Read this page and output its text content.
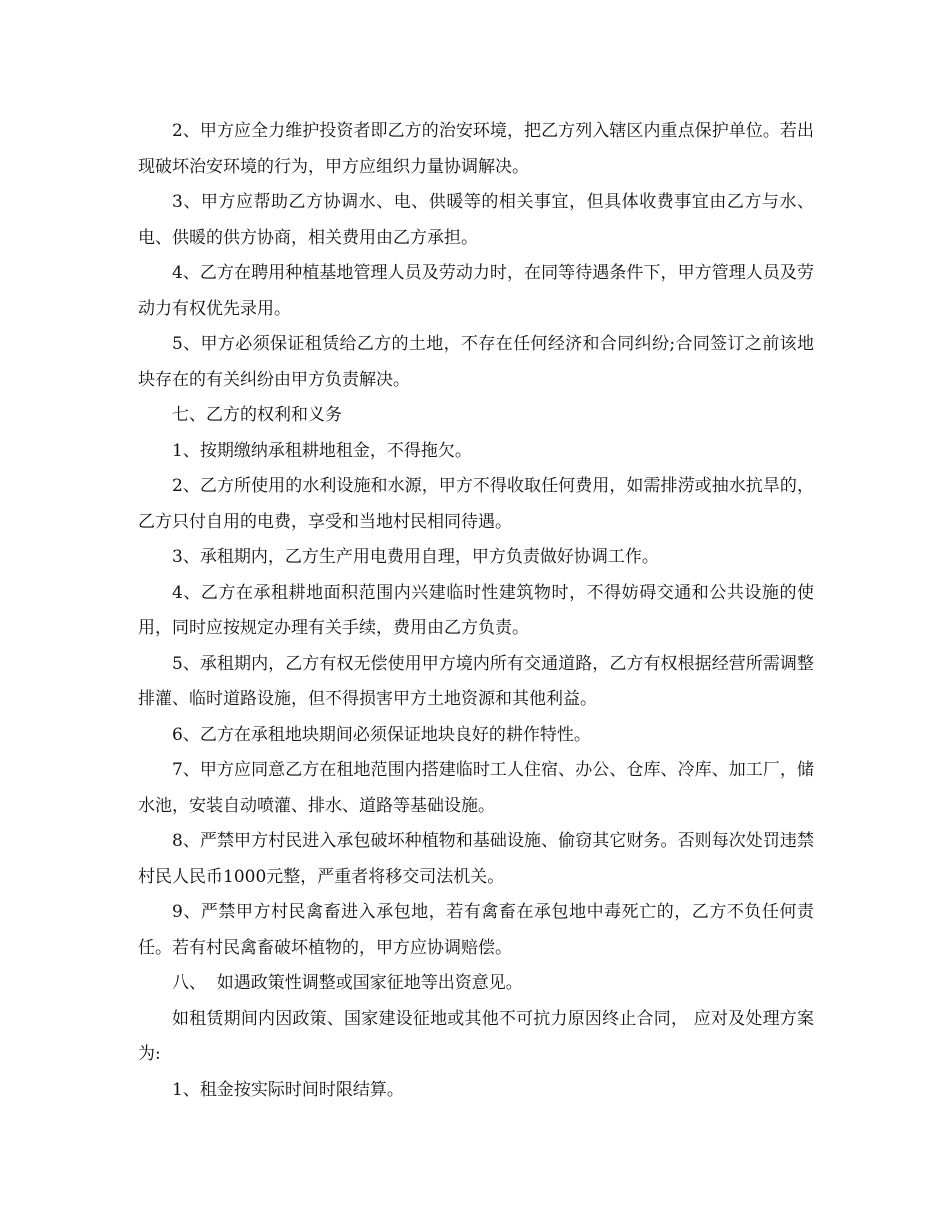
2、甲方应全力维护投资者即乙方的治安环境，把乙方列入辖区内重点保护单位。若出现破坏治安环境的行为，甲方应组织力量协调解决。

3、甲方应帮助乙方协调水、电、供暖等的相关事宜，但具体收费事宜由乙方与水、电、供暖的供方协商，相关费用由乙方承担。

4、乙方在聘用种植基地管理人员及劳动力时，在同等待遇条件下，甲方管理人员及劳动力有权优先录用。

5、甲方必须保证租赁给乙方的土地，不存在任何经济和合同纠纷;合同签订之前该地块存在的有关纠纷由甲方负责解决。

七、乙方的权利和义务

1、按期缴纳承租耕地租金，不得拖欠。

2、乙方所使用的水利设施和水源，甲方不得收取任何费用，如需排涝或抽水抗旱的，乙方只付自用的电费，享受和当地村民相同待遇。

3、承租期内，乙方生产用电费用自理，甲方负责做好协调工作。

4、乙方在承租耕地面积范围内兴建临时性建筑物时，不得妨碍交通和公共设施的使用，同时应按规定办理有关手续，费用由乙方负责。

5、承租期内，乙方有权无偿使用甲方境内所有交通道路，乙方有权根据经营所需调整排灌、临时道路设施，但不得损害甲方土地资源和其他利益。

6、乙方在承租地块期间必须保证地块良好的耕作特性。

7、甲方应同意乙方在租地范围内搭建临时工人住宿、办公、仓库、冷库、加工厂，储水池，安装自动喷灌、排水、道路等基础设施。

8、严禁甲方村民进入承包破坏种植物和基础设施、偷窃其它财务。否则每次处罚违禁村民人民币1000元整，严重者将移交司法机关。

9、严禁甲方村民禽畜进入承包地，若有禽畜在承包地中毒死亡的，乙方不负任何责任。若有村民禽畜破坏植物的，甲方应协调赔偿。

八、  如遇政策性调整或国家征地等出资意见。

如租赁期间内因政策、国家建设征地或其他不可抗力原因终止合同， 应对及处理方案为:

1、租金按实际时间时限结算。
